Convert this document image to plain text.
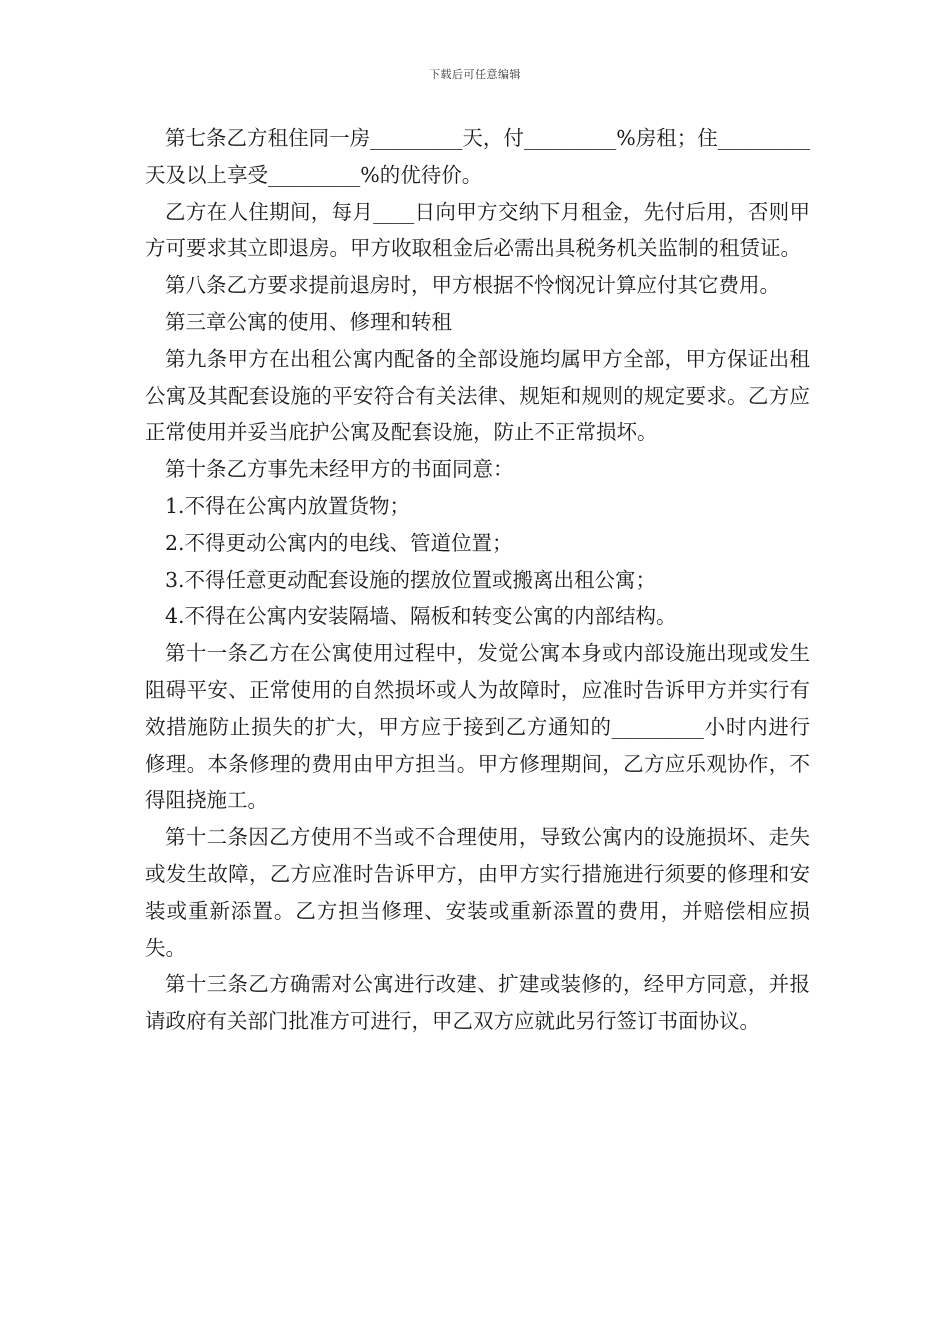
下载后可任意编辑

第七条乙方租住同一房_________天，付_________%房租；住_________天及以上享受_________%的优待价。

乙方在人住期间，每月____日向甲方交纳下月租金，先付后用，否则甲方可要求其立即退房。甲方收取租金后必需出具税务机关监制的租赁证。

第八条乙方要求提前退房时，甲方根据不怜悯况计算应付其它费用。

第三章公寓的使用、修理和转租

第九条甲方在出租公寓内配备的全部设施均属甲方全部，甲方保证出租公寓及其配套设施的平安符合有关法律、规矩和规则的规定要求。乙方应正常使用并妥当庇护公寓及配套设施，防止不正常损坏。

第十条乙方事先未经甲方的书面同意：

1.不得在公寓内放置货物；

2.不得更动公寓内的电线、管道位置；

3.不得任意更动配套设施的摆放位置或搬离出租公寓；

4.不得在公寓内安装隔墙、隔板和转变公寓的内部结构。

第十一条乙方在公寓使用过程中，发觉公寓本身或内部设施出现或发生阻碍平安、正常使用的自然损坏或人为故障时，应准时告诉甲方并实行有效措施防止损失的扩大，甲方应于接到乙方通知的_________小时内进行修理。本条修理的费用由甲方担当。甲方修理期间，乙方应乐观协作，不得阻挠施工。

第十二条因乙方使用不当或不合理使用，导致公寓内的设施损坏、走失或发生故障，乙方应准时告诉甲方，由甲方实行措施进行须要的修理和安装或重新添置。乙方担当修理、安装或重新添置的费用，并赔偿相应损失。

第十三条乙方确需对公寓进行改建、扩建或装修的，经甲方同意，并报请政府有关部门批准方可进行，甲乙双方应就此另行签订书面协议。
